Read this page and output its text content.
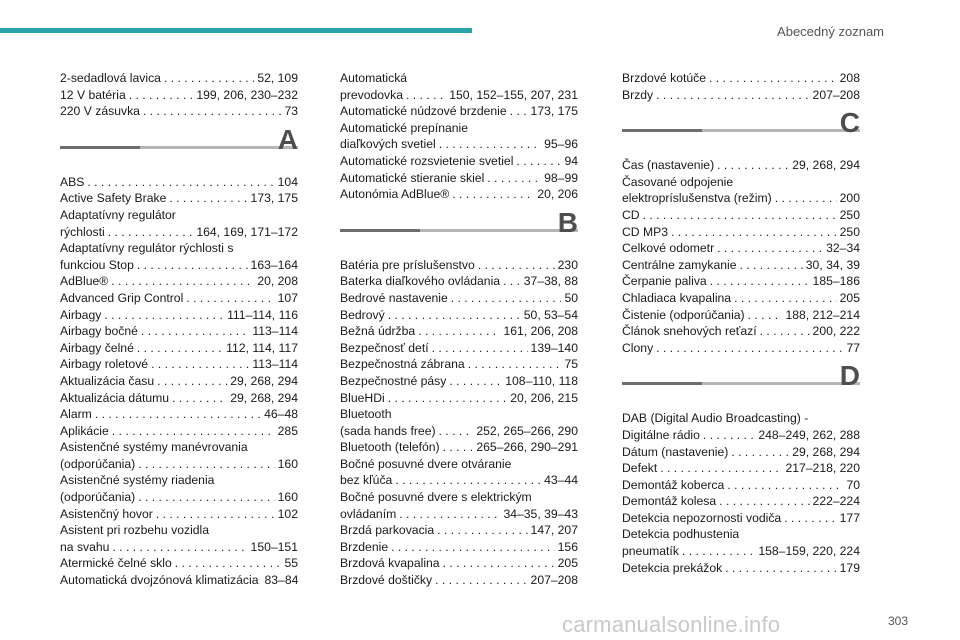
Abecedný zoznam
2-sedadlová lavica . . .	52, 109
12 V batéria . . .	199, 206, 230–232
220 V zásuvka . . .	73
A
ABS . . .	104
Active Safety Brake . . .	173, 175
Adaptatívny regulátor
rýchlosti . . .	164, 169, 171–172
Adaptatívny regulátor rýchlosti s
funkciou Stop . . .	163–164
AdBlue® . . .	20, 208
Advanced Grip Control . . .	107
Airbagy . . .	111–114, 116
Airbagy bočné . . .	113–114
Airbagy čelné . . .	112, 114, 117
Airbagy roletové . . .	113–114
Aktualizácia času . . .	29, 268, 294
Aktualizácia dátumu . . .	29, 268, 294
Alarm . . .	46–48
Aplikácie . . .	285
Asistenčné systémy manévrovania
(odporúčania) . . .	160
Asistenčné systémy riadenia
(odporúčania) . . .	160
Asistenčný hovor . . .	102
Asistent pri rozbehu vozidla
na svahu . . .	150–151
Atermické čelné sklo . . .	55
Automatická dvojzónová klimatizácia 83–84
Automatická
prevodovka . . .	150, 152–155, 207, 231
Automatické núdzové brzdenie . . . 173, 175
Automatické prepínanie
diaľkových svetiel . . .	95–96
Automatické rozsvietenie svetiel . . .	94
Automatické stieranie skiel . . .	98–99
Autonómia AdBlue® . . .	20, 206
B
Batéria pre príslušenstvo . . .	230
Baterka diaľkového ovládania . . . 37–38, 88
Bedrové nastavenie . . .	50
Bedrový . . .	50, 53–54
Bežná údržba . . .	161, 206, 208
Bezpečnosť detí . . .	139–140
Bezpečnostná zábrana . . .	75
Bezpečnostné pásy . . .	108–110, 118
BlueHDi . . .	20, 206, 215
Bluetooth
(sada hands free) . . .	252, 265–266, 290
Bluetooth (telefón) . . .	265–266, 290–291
Bočné posuvné dvere otváranie
bez kľúča . . .	43–44
Bočné posuvné dvere s elektrickým
ovládaním . . .	34–35, 39–43
Brzdá parkovacia . . .	147, 207
Brzdenie . . .	156
Brzdová kvapalina . . .	205
Brzdové doštičky . . .	207–208
Brzdové kotúče . . .	208
Brzdy . . .	207–208
C
Čas (nastavenie) . . .	29, 268, 294
Časované odpojenie
elektropríslušenstva (režim) . . .	200
CD . . .	250
CD MP3 . . .	250
Celkové odometr . . .	32–34
Centrálne zamykanie . . .	30, 34, 39
Čerpanie paliva . . .	185–186
Chladiaca kvapalina . . .	205
Čistenie (odporúčania) . . .	188, 212–214
Článok snehových reťazí . . .	200, 222
Clony . . .	77
D
DAB (Digital Audio Broadcasting) -
Digitálne rádio . . .	248–249, 262, 288
Dátum (nastavenie) . . .	29, 268, 294
Defekt . . .	217–218, 220
Demontáž koberca . . .	70
Demontáž kolesa . . .	222–224
Detekcia nepozornosti vodiča . . .	177
Detekcia podhustenia
pneumatík . . .	158–159, 220, 224
Detekcia prekážok . . .	179
carmanualsonline.info	303
